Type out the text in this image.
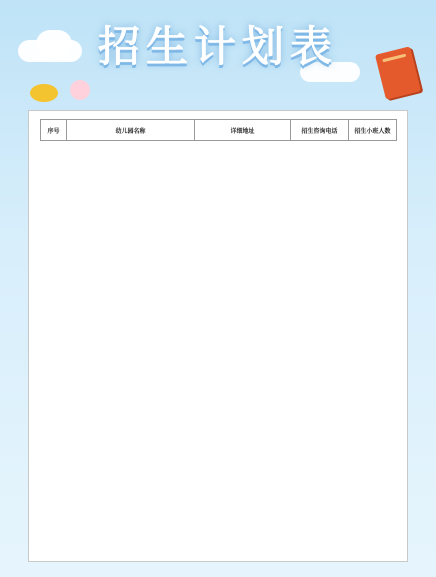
招生计划表
序号	幼儿园名称	详细地址	招生咨询电话	招生小班人数
